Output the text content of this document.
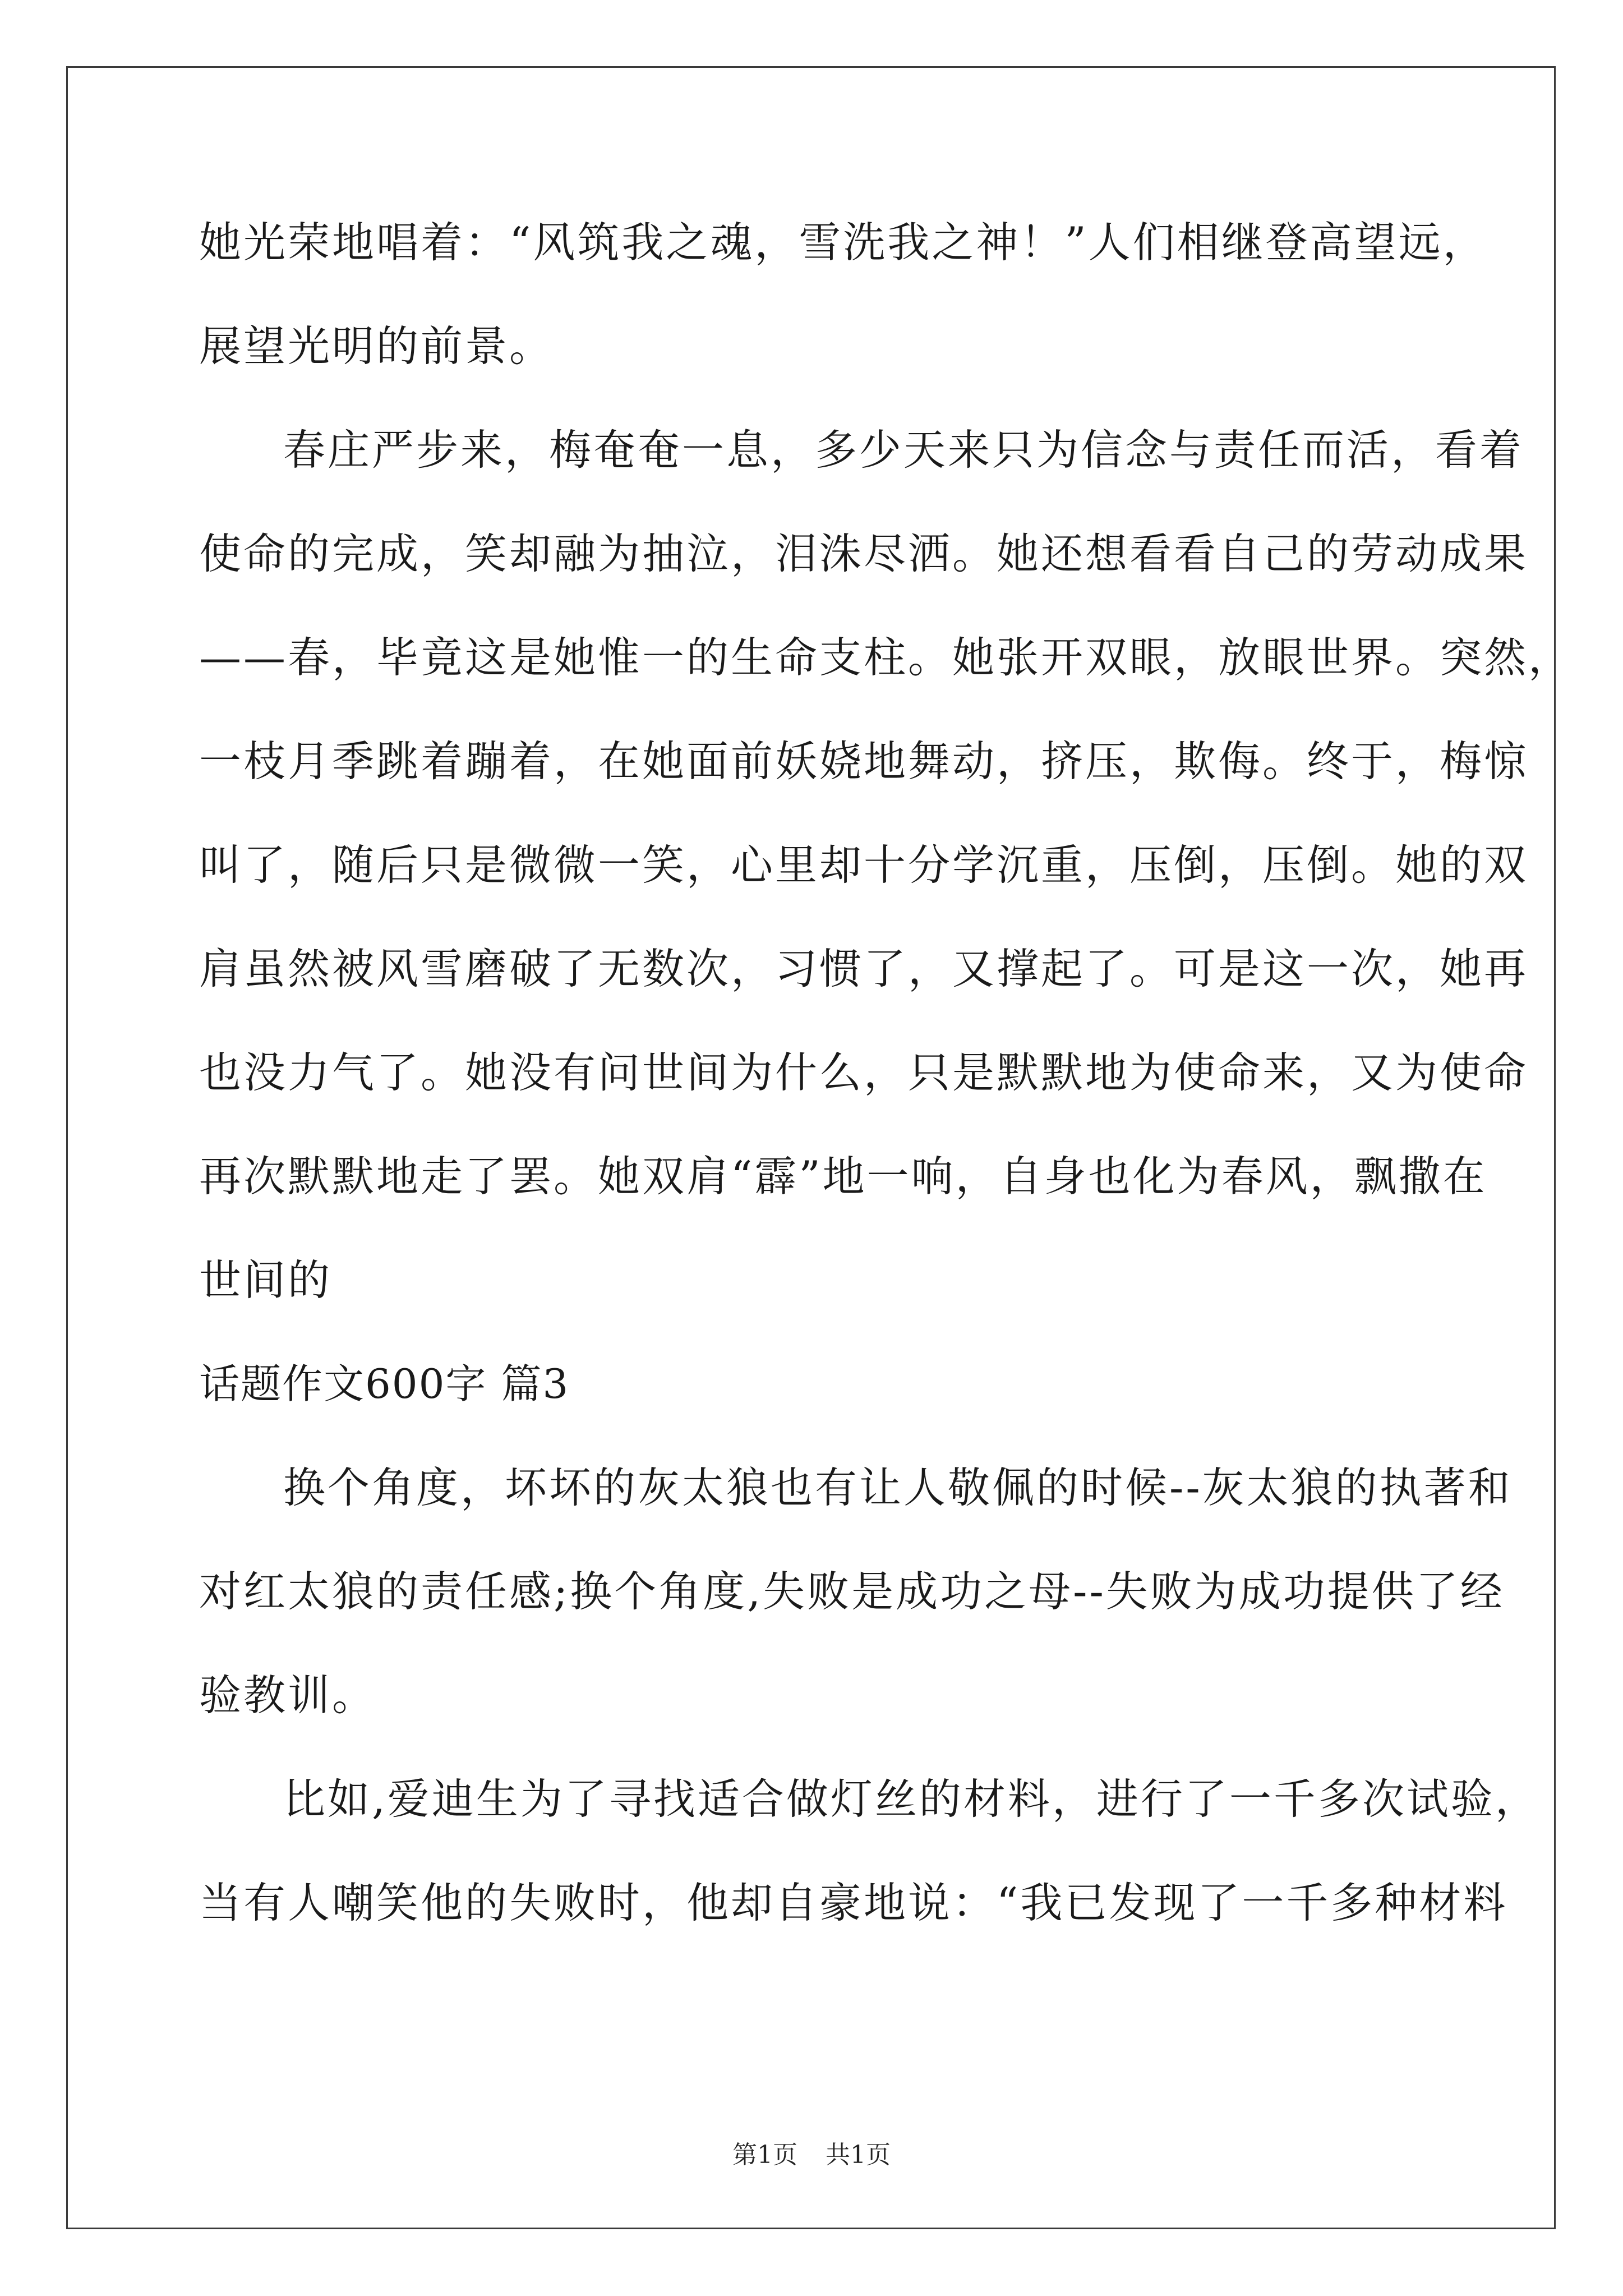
她光荣地唱着：“风筑我之魂，雪洗我之神！”人们相继登高望远，
展望光明的前景。
春庄严步来，梅奄奄一息，多少天来只为信念与责任而活，看着
使命的完成，笑却融为抽泣，泪洙尽洒。她还想看看自己的劳动成果
——春，毕竟这是她惟一的生命支柱。她张开双眼，放眼世界。突然，
一枝月季跳着蹦着，在她面前妖娆地舞动，挤压，欺侮。终于，梅惊
叫了，随后只是微微一笑，心里却十分学沉重，压倒，压倒。她的双
肩虽然被风雪磨破了无数次，习惯了，又撑起了。可是这一次，她再
也没力气了。她没有问世间为什么，只是默默地为使命来，又为使命
再次默默地走了罢。她双肩“霹”地一响，自身也化为春风，飘撒在
世间的
话题作文600字 篇3
换个角度，坏坏的灰太狼也有让人敬佩的时候--灰太狼的执著和
对红太狼的责任感;换个角度,失败是成功之母--失败为成功提供了经
验教训。
比如,爱迪生为了寻找适合做灯丝的材料，进行了一千多次试验，
当有人嘲笑他的失败时，他却自豪地说：“我已发现了一千多种材料
第1页 共1页
